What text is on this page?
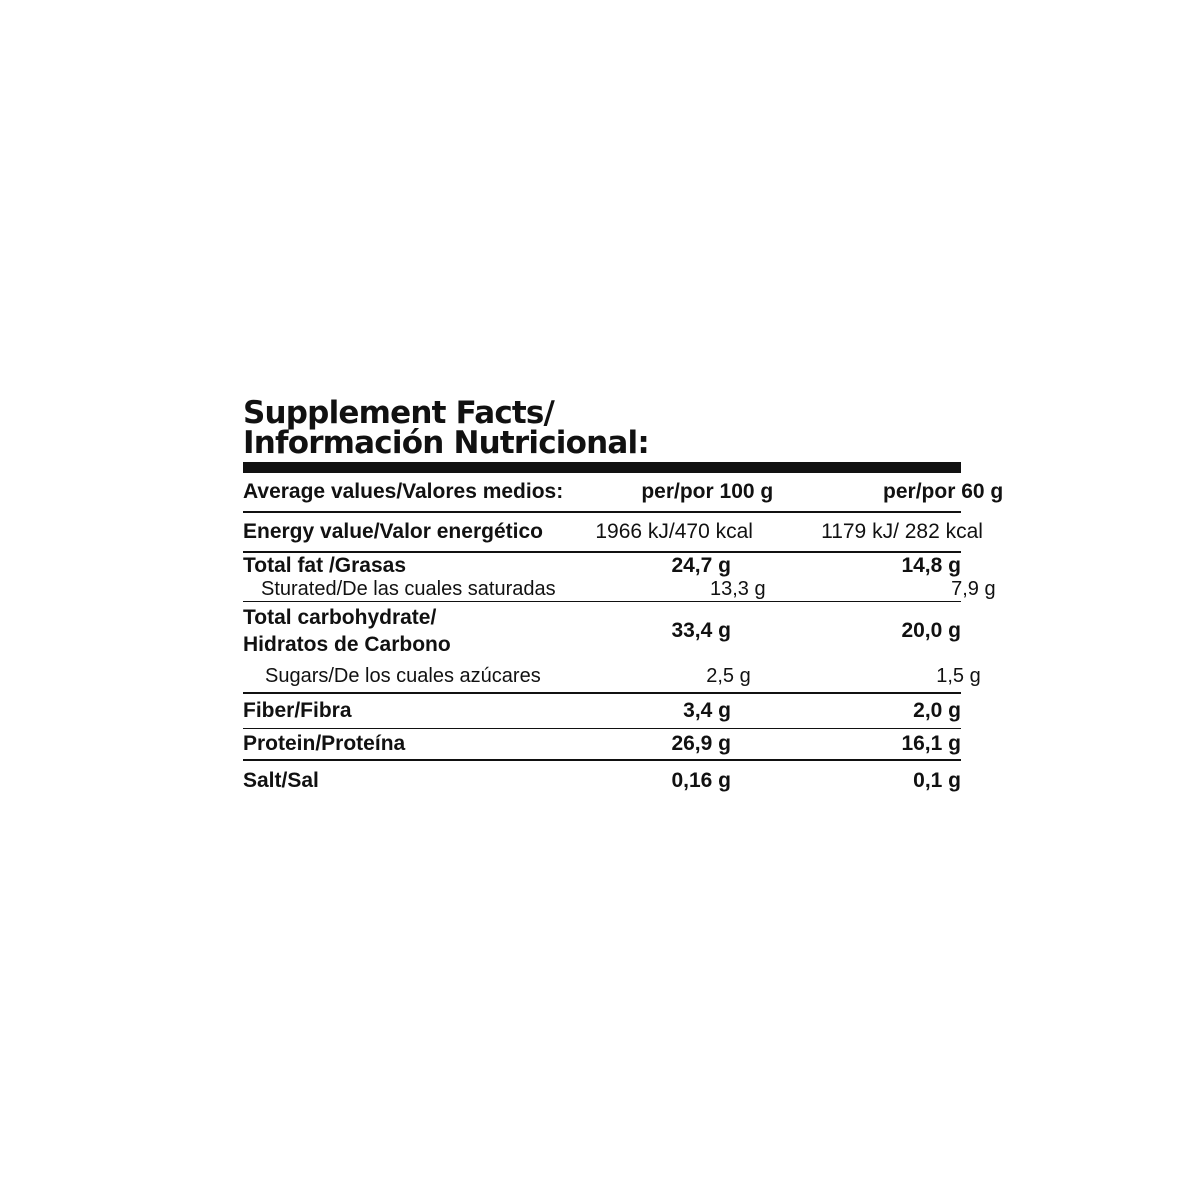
Supplement Facts/
Información Nutricional:
Average values/Valores medios:	per/por 100 g	per/por 60 g
Energy value/Valor energético	1966 kJ/470 kcal	1179 kJ/ 282 kcal
Total fat /Grasas	24,7 g	14,8 g
Sturated/De las cuales saturadas	13,3 g	7,9 g
Total carbohydrate/
Hidratos de Carbono
33,4 g	20,0 g
Sugars/De los cuales azúcares	2,5 g	1,5 g
Fiber/Fibra	3,4 g	2,0 g
Protein/Proteína	26,9 g	16,1 g
Salt/Sal	0,16 g	0,1 g
